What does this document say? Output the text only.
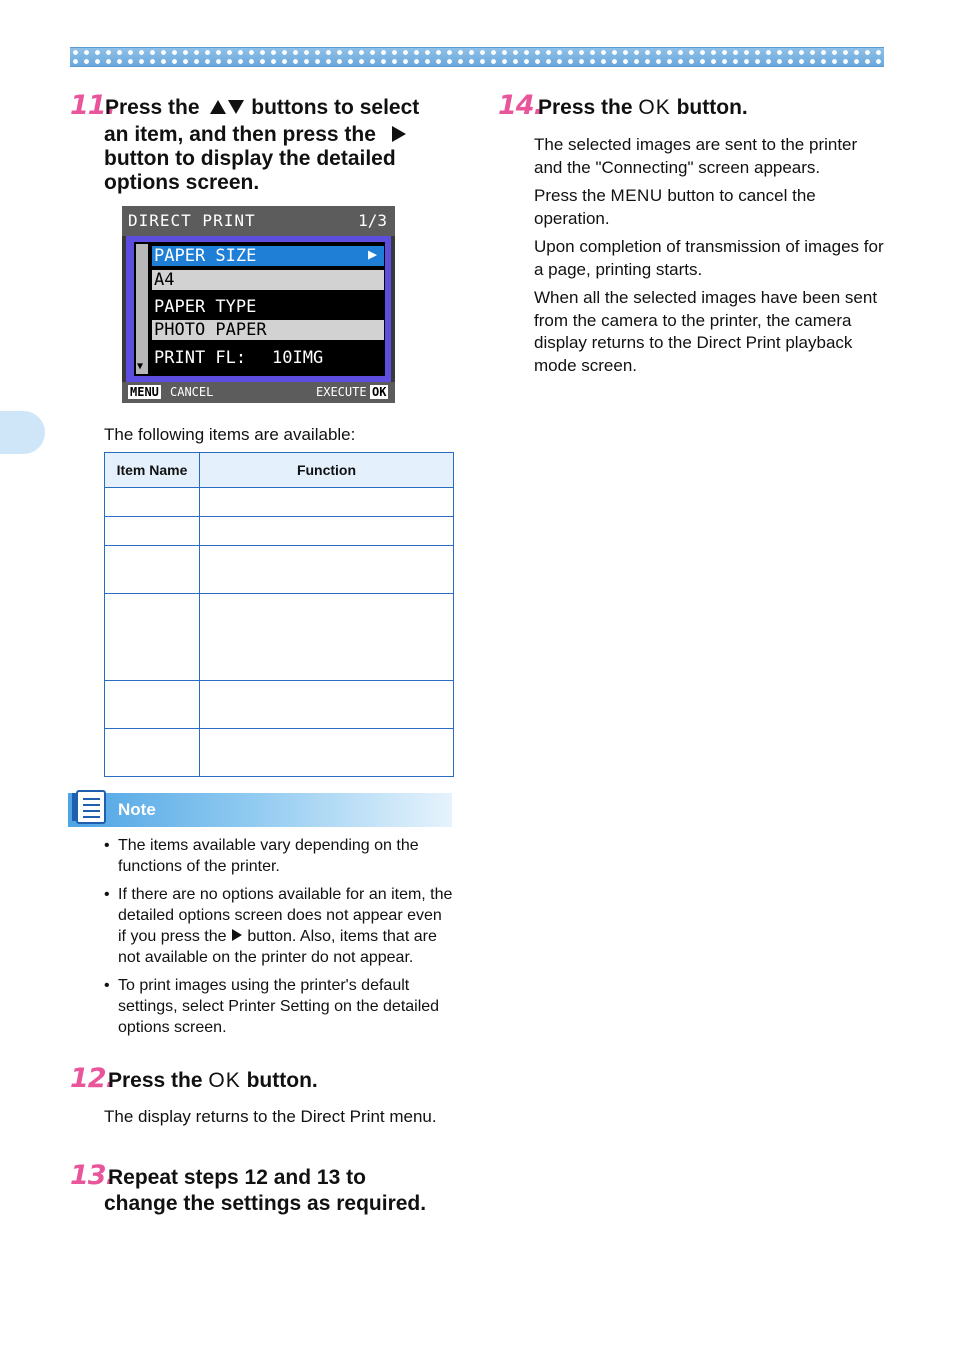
11.
Press the buttons to select
an item, and then press the
button to display the detailed
options screen.
DIRECT PRINT	1/3
▼
PAPER SIZE	▶
A4
PAPER TYPE
PHOTO PAPER
PRINT FL: 10IMG
MENU CANCEL	EXECUTE OK
The following items are available:
Item Name	Function

Note
• The items available vary depending on the functions of the printer.
• If there are no options available for an item, the detailed options screen does not appear even if you press the button. Also, items that are not available on the printer do not appear.
• To print images using the printer's default settings, select Printer Setting on the detailed options screen.
12.
Press the OK button.
The display returns to the Direct Print menu.
13.
Repeat steps 12 and 13 to
change the settings as required.
14.
Press the OK button.

The selected images are sent to the printer and the "Connecting" screen appears.

Press the MENU button to cancel the operation.

Upon completion of transmission of images for a page, printing starts.

When all the selected images have been sent from the camera to the printer, the camera display returns to the Direct Print playback mode screen.
